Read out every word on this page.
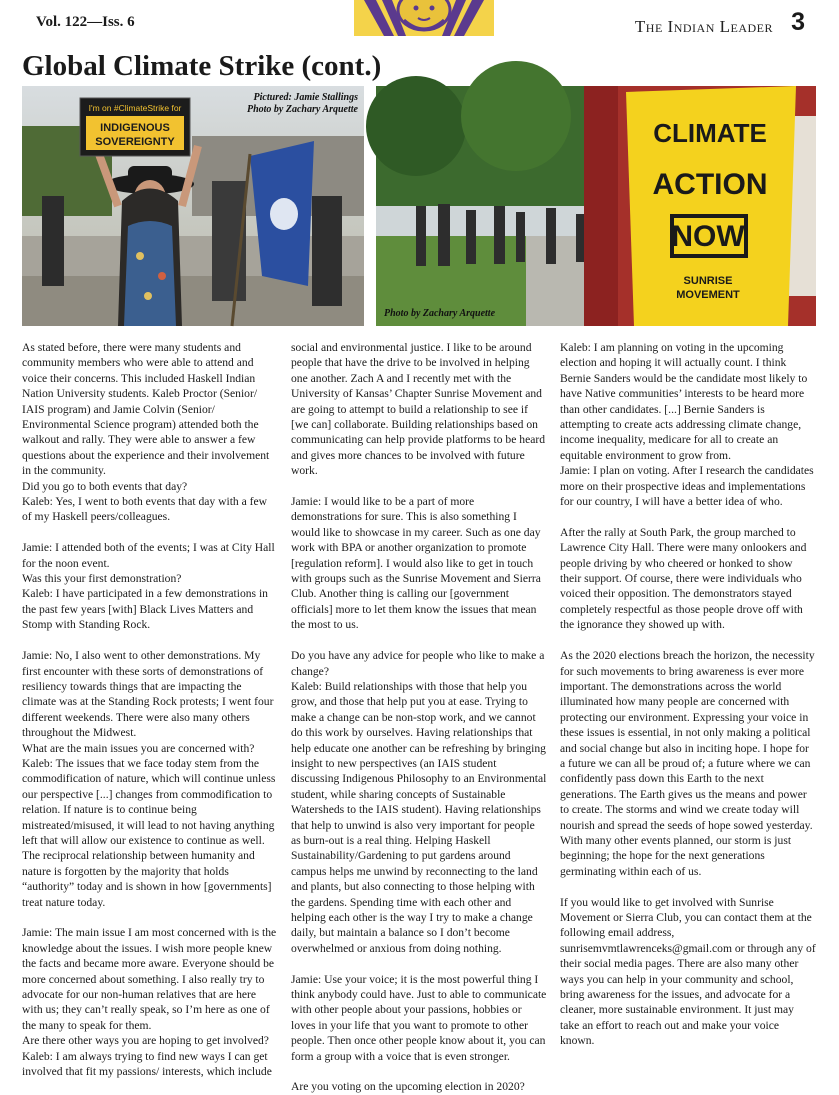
Vol. 122—Iss. 6	The Indian Leader 3
Global Climate Strike (cont.)
I'm on #ClimateStrike for
INDIGENOUS
SOVEREIGNTY
Pictured: Jamie Stallings
Photo by Zachary Arquette
CLIMATE
ACTION
NOW
SUNRISE
MOVEMENT
Photo by Zachary Arquette

As stated before, there were many students and community members who were able to attend and voice their concerns. This included Haskell Indian Nation University students. Kaleb Proctor (Senior/ IAIS program) and Jamie Colvin (Senior/ Environmental Science program) attended both the walkout and rally. They were able to answer a few questions about the experience and their involvement in the community.

Did you go to both events that day?

Kaleb: Yes, I went to both events that day with a few of my Haskell peers/colleagues.

Jamie: I attended both of the events; I was at City Hall for the noon event.

Was this your first demonstration?

Kaleb: I have participated in a few demonstrations in the past few years [with] Black Lives Matters and Stomp with Standing Rock.

Jamie: No, I also went to other demonstrations. My first encounter with these sorts of demonstrations of resiliency towards things that are impacting the climate was at the Standing Rock protests; I went four different weekends. There were also many others throughout the Midwest.

What are the main issues you are concerned with?

Kaleb: The issues that we face today stem from the commodification of nature, which will continue unless our perspective [...] changes from commodification to relation. If nature is to continue being mistreated/misused, it will lead to not having anything left that will allow our existence to continue as well. The reciprocal relationship between humanity and nature is forgotten by the majority that holds “authority” today and is shown in how [governments] treat nature today.

Jamie: The main issue I am most concerned with is the knowledge about the issues. I wish more people knew the facts and became more aware. Everyone should be more concerned about something. I also really try to advocate for our non-human relatives that are here with us; they can’t really speak, so I’m here as one of the many to speak for them.

Are there other ways you are hoping to get involved?

Kaleb: I am always trying to find new ways I can get involved that fit my passions/ interests, which include

social and environmental justice. I like to be around people that have the drive to be involved in helping one another. Zach A and I recently met with the University of Kansas’ Chapter Sunrise Movement and are going to attempt to build a relationship to see if [we can] collaborate. Building relationships based on communicating can help provide platforms to be heard and gives more chances to be involved with future work.

Jamie: I would like to be a part of more demonstrations for sure. This is also something I would like to showcase in my career. Such as one day work with BPA or another organization to promote [regulation reform]. I would also like to get in touch with groups such as the Sunrise Movement and Sierra Club. Another thing is calling our [government officials] more to let them know the issues that mean the most to us.

Do you have any advice for people who like to make a change?

Kaleb: Build relationships with those that help you grow, and those that help put you at ease. Trying to make a change can be non-stop work, and we cannot do this work by ourselves. Having relationships that help educate one another can be refreshing by bringing insight to new perspectives (an IAIS student discussing Indigenous Philosophy to an Environmental student, while sharing concepts of Sustainable Watersheds to the IAIS student). Having relationships that help to unwind is also very important for people as burn-out is a real thing. Helping Haskell Sustainability/Gardening to put gardens around campus helps me unwind by reconnecting to the land and plants, but also connecting to those helping with the gardens. Spending time with each other and helping each other is the way I try to make a change daily, but maintain a balance so I don’t become overwhelmed or anxious from doing nothing.

Jamie: Use your voice; it is the most powerful thing I think anybody could have. Just to able to communicate with other people about your passions, hobbies or loves in your life that you want to promote to other people. Then once other people know about it, you can form a group with a voice that is even stronger.

Are you voting on the upcoming election in 2020?

Kaleb: I am planning on voting in the upcoming election and hoping it will actually count. I think Bernie Sanders would be the candidate most likely to have Native communities’ interests to be heard more than other candidates. [...] Bernie Sanders is attempting to create acts addressing climate change, income inequality, medicare for all to create an equitable environment to grow from.

Jamie: I plan on voting. After I research the candidates more on their prospective ideas and implementations for our country, I will have a better idea of who.

After the rally at South Park, the group marched to Lawrence City Hall. There were many onlookers and people driving by who cheered or honked to show their support. Of course, there were individuals who voiced their opposition. The demonstrators stayed completely respectful as those people drove off with the ignorance they showed up with.

As the 2020 elections breach the horizon, the necessity for such movements to bring awareness is ever more important. The demonstrations across the world illuminated how many people are concerned with protecting our environment. Expressing your voice in these issues is essential, in not only making a political and social change but also in inciting hope. I hope for a future we can all be proud of; a future where we can confidently pass down this Earth to the next generations. The Earth gives us the means and power to create. The storms and wind we create today will nourish and spread the seeds of hope sowed yesterday. With many other events planned, our storm is just beginning; the hope for the next generations germinating within each of us.

If you would like to get involved with Sunrise Movement or Sierra Club, you can contact them at the following email address, sunrisemvmtlawrenceks@gmail.com or through any of their social media pages. There are also many other ways you can help in your community and school, bring awareness for the issues, and advocate for a cleaner, more sustainable environment. It just may take an effort to reach out and make your voice known.
